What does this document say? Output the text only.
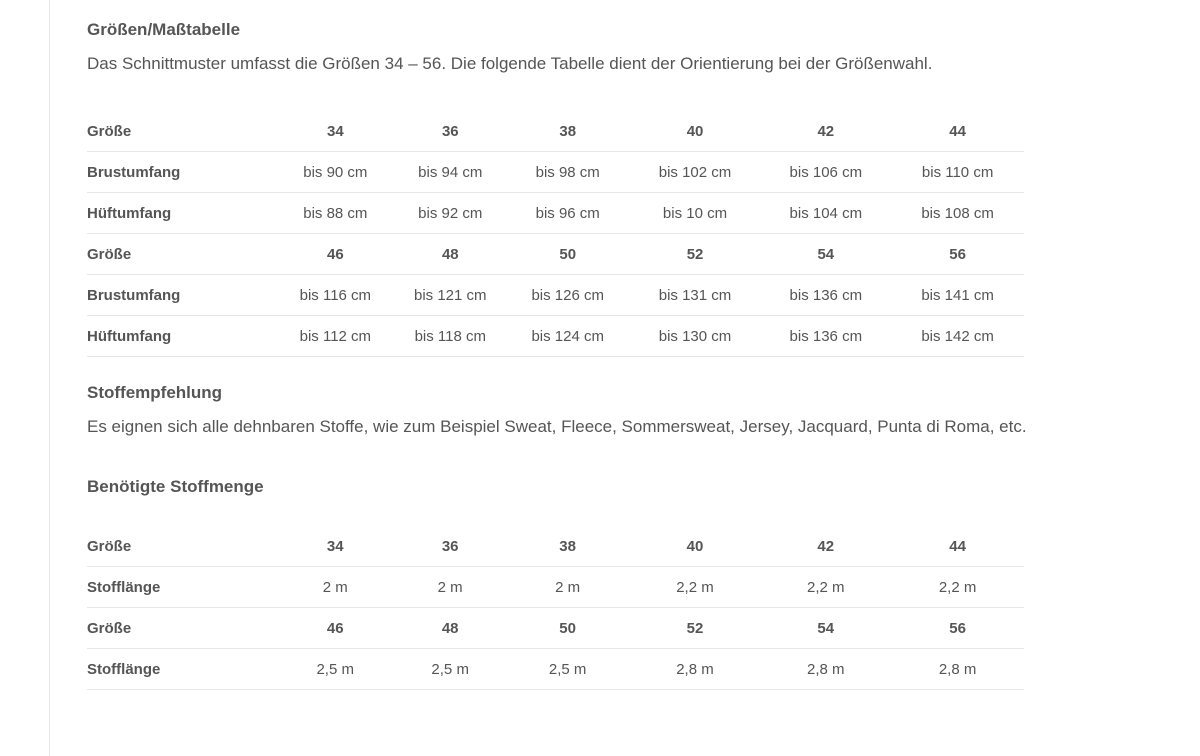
Größen/Maßtabelle

Das Schnittmuster umfasst die Größen 34 – 56. Die folgende Tabelle dient der Orientierung bei der Größenwahl.

Größe	34	36	38	40	42	44
Brustumfang	bis 90 cm	bis 94 cm	bis 98 cm	bis 102 cm	bis 106 cm	bis 110 cm
Hüftumfang	bis 88 cm	bis 92 cm	bis 96 cm	bis 10 cm	bis 104 cm	bis 108 cm
Größe	46	48	50	52	54	56
Brustumfang	bis 116 cm	bis 121 cm	bis 126 cm	bis 131 cm	bis 136 cm	bis 141 cm
Hüftumfang	bis 112 cm	bis 118 cm	bis 124 cm	bis 130 cm	bis 136 cm	bis 142 cm
Stoffempfehlung

Es eignen sich alle dehnbaren Stoffe, wie zum Beispiel Sweat, Fleece, Sommersweat, Jersey, Jacquard, Punta di Roma, etc.

Benötigte Stoffmenge
Größe	34	36	38	40	42	44
Stofflänge	2 m	2 m	2 m	2,2 m	2,2 m	2,2 m
Größe	46	48	50	52	54	56
Stofflänge	2,5 m	2,5 m	2,5 m	2,8 m	2,8 m	2,8 m
